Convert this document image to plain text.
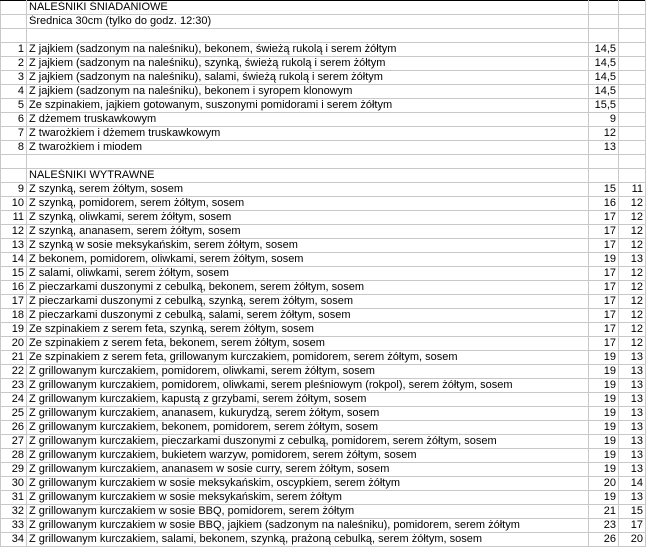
	NALEŚNIKI ŚNIADANIOWE		
	Średnica 30cm (tylko do godz. 12:30)		

1	Z jajkiem (sadzonym na naleśniku), bekonem, świeżą rukolą i serem żółtym	14,5	
2	Z jajkiem (sadzonym na naleśniku), szynką, świeżą rukolą i serem żółtym	14,5	
3	Z jajkiem (sadzonym na naleśniku), salami, świeżą rukolą i serem żółtym	14,5	
4	Z jajkiem (sadzonym na naleśniku), bekonem i syropem klonowym	14,5	
5	Ze szpinakiem, jajkiem gotowanym, suszonymi pomidorami i serem żółtym	15,5	
6	Z dżemem truskawkowym	9	
7	Z twarożkiem i dżemem truskawkowym	12	
8	Z twarożkiem i miodem	13	

	NALEŚNIKI WYTRAWNE		
9	Z szynką, serem żółtym, sosem	15	11
10	Z szynką, pomidorem, serem żółtym, sosem	16	12
11	Z szynką, oliwkami, serem żółtym, sosem	17	12
12	Z szynką, ananasem, serem żółtym, sosem	17	12
13	Z szynką w sosie meksykańskim, serem żółtym, sosem	17	12
14	Z bekonem, pomidorem, oliwkami, serem żółtym, sosem	19	13
15	Z salami, oliwkami, serem żółtym, sosem	17	12
16	Z pieczarkami duszonymi z cebulką, bekonem, serem żółtym, sosem	17	12
17	Z pieczarkami duszonymi z cebulką, szynką, serem żółtym, sosem	17	12
18	Z pieczarkami duszonymi z cebulką, salami, serem żółtym, sosem	17	12
19	Ze szpinakiem z serem feta, szynką, serem żółtym, sosem	17	12
20	Ze szpinakiem z serem feta, bekonem, serem żółtym, sosem	17	12
21	Ze szpinakiem z serem feta, grillowanym kurczakiem, pomidorem, serem żółtym, sosem	19	13
22	Z grillowanym kurczakiem, pomidorem, oliwkami, serem żółtym, sosem	19	13
23	Z grillowanym kurczakiem, pomidorem, oliwkami, serem pleśniowym (rokpol), serem żółtym, sosem	19	13
24	Z grillowanym kurczakiem, kapustą z grzybami, serem żółtym, sosem	19	13
25	Z grillowanym kurczakiem, ananasem, kukurydzą, serem żółtym, sosem	19	13
26	Z grillowanym kurczakiem, bekonem, pomidorem, serem żółtym, sosem	19	13
27	Z grillowanym kurczakiem, pieczarkami duszonymi z cebulką, pomidorem, serem żółtym, sosem	19	13
28	Z grillowanym kurczakiem, bukietem warzyw, pomidorem, serem żółtym, sosem	19	13
29	Z grillowanym kurczakiem, ananasem w sosie curry, serem żółtym, sosem	19	13
30	Z grillowanym kurczakiem w sosie meksykańskim, oscypkiem, serem żółtym	20	14
31	Z grillowanym kurczakiem w sosie meksykańskim, serem żółtym	19	13
32	Z grillowanym kurczakiem w sosie BBQ, pomidorem, serem żółtym	21	15
33	Z grillowanym kurczakiem w sosie BBQ, jajkiem (sadzonym na naleśniku), pomidorem, serem żółtym	23	17
34	Z grillowanym kurczakiem, salami, bekonem, szynką, prażoną cebulką, serem żółtym, sosem	26	20
